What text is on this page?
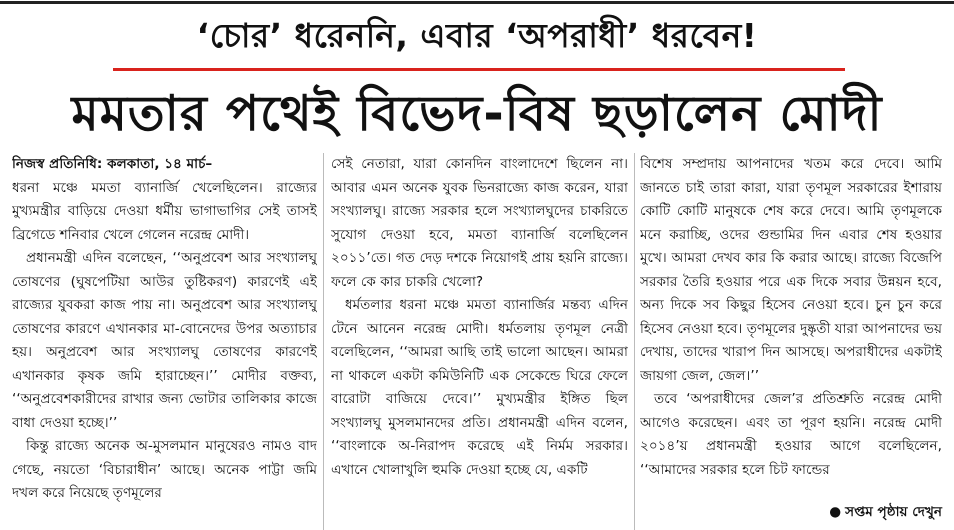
‘চোর’ ধরেননি, এবার ‘অপরাধী’ ধরবেন!
মমতার পথেই বিভেদ-বিষ ছড়ালেন মোদী

নিজস্ব প্রতিনিধি: কলকাতা, ১৪ মার্চ–

ধরনা মঞ্চে মমতা ব্যানার্জি খেলেছিলেন। রাজ্যের মুখ্যমন্ত্রীর বাড়িয়ে দেওয়া ধর্মীয় ভাগাভাগির সেই তাসই ব্রিগেডে শনিবার খেলে গেলেন নরেন্দ্র মোদী।

প্রধানমন্ত্রী এদিন বলেছেন, ‘‘অনুপ্রবেশ আর সংখ্যালঘু তোষণের (ঘুষপেটিয়া আউর তুষ্টিকরণ) কারণেই এই রাজ্যের যুবকরা কাজ পায় না। অনুপ্রবেশ আর সংখ্যালঘু তোষণের কারণে এখানকার মা-বোনেদের উপর অত্যাচার হয়। অনুপ্রবেশ আর সংখ্যালঘু তোষণের কারণেই এখানকার কৃষক জমি হারাচ্ছেন।’’ মোদীর বক্তব্য, ‘‘অনুপ্রবেশকারীদের রাখার জন্য ভোটার তালিকার কাজে বাধা দেওয়া হচ্ছে।’’

কিন্তু রাজ্যে অনেক অ-মুসলমান মানুষেরও নামও বাদ গেছে, নয়তো ‘বিচারাধীন’ আছে। অনেক পাট্টা জমি দখল করে নিয়েছে তৃণমূলের

সেই নেতারা, যারা কোনদিন বাংলাদেশে ছিলেন না। আবার এমন অনেক যুবক ভিনরাজ্যে কাজ করেন, যারা সংখ্যালঘু। রাজ্যে সরকার হলে সংখ্যালঘুদের চাকরিতে সুযোগ দেওয়া হবে, মমতা ব্যানার্জি বলেছিলেন ২০১১’তে। গত দেড় দশকে নিয়োগই প্রায় হয়নি রাজ্যে। ফলে কে কার চাকরি খেলো?

ধর্মতলার ধরনা মঞ্চে মমতা ব্যানার্জির মন্তব্য এদিন টেনে আনেন নরেন্দ্র মোদী। ধর্মতলায় তৃণমূল নেত্রী বলেছিলেন, ‘‘আমরা আছি তাই ভালো আছেন। আমরা না থাকলে একটা কমিউনিটি এক সেকেন্ডে ঘিরে ফেলে বারোটা বাজিয়ে দেবে।’’ মুখ্যমন্ত্রীর ইঙ্গিত ছিল সংখ্যালঘু মুসলমানদের প্রতি। প্রধানমন্ত্রী এদিন বলেন, ‘‘বাংলাকে অ-নিরাপদ করেছে এই নির্মম সরকার। এখানে খোলাখুলি হুমকি দেওয়া হচ্ছে যে, একটি

বিশেষ সম্প্রদায় আপনাদের খতম করে দেবে। আমি জানতে চাই তারা কারা, যারা তৃণমূল সরকারের ইশারায় কোটি কোটি মানুষকে শেষ করে দেবে। আমি তৃণমূলকে মনে করাচ্ছি, ওদের গুন্ডামির দিন এবার শেষ হওয়ার মুখে। আমরা দেখব কার কি করার আছে। রাজ্যে বিজেপি সরকার তৈরি হওয়ার পরে এক দিকে সবার উন্নয়ন হবে, অন্য দিকে সব কিছুর হিসেব নেওয়া হবে। চুন চুন করে হিসেব নেওয়া হবে। তৃণমূলের দুষ্কৃতী যারা আপনাদের ভয় দেখায়, তাদের খারাপ দিন আসছে। অপরাধীদের একটাই জায়গা জেল, জেল।’’

তবে ‘অপরাধীদের জেল’র প্রতিশ্রুতি নরেন্দ্র মোদী আগেও করেছেন। এবং তা পূরণ হয়নি। নরেন্দ্র মোদী ২০১৪’য় প্রধানমন্ত্রী হওয়ার আগে বলেছিলেন, ‘‘আমাদের সরকার হলে চিট ফান্ডের

● সপ্তম পৃষ্ঠায় দেখুন
